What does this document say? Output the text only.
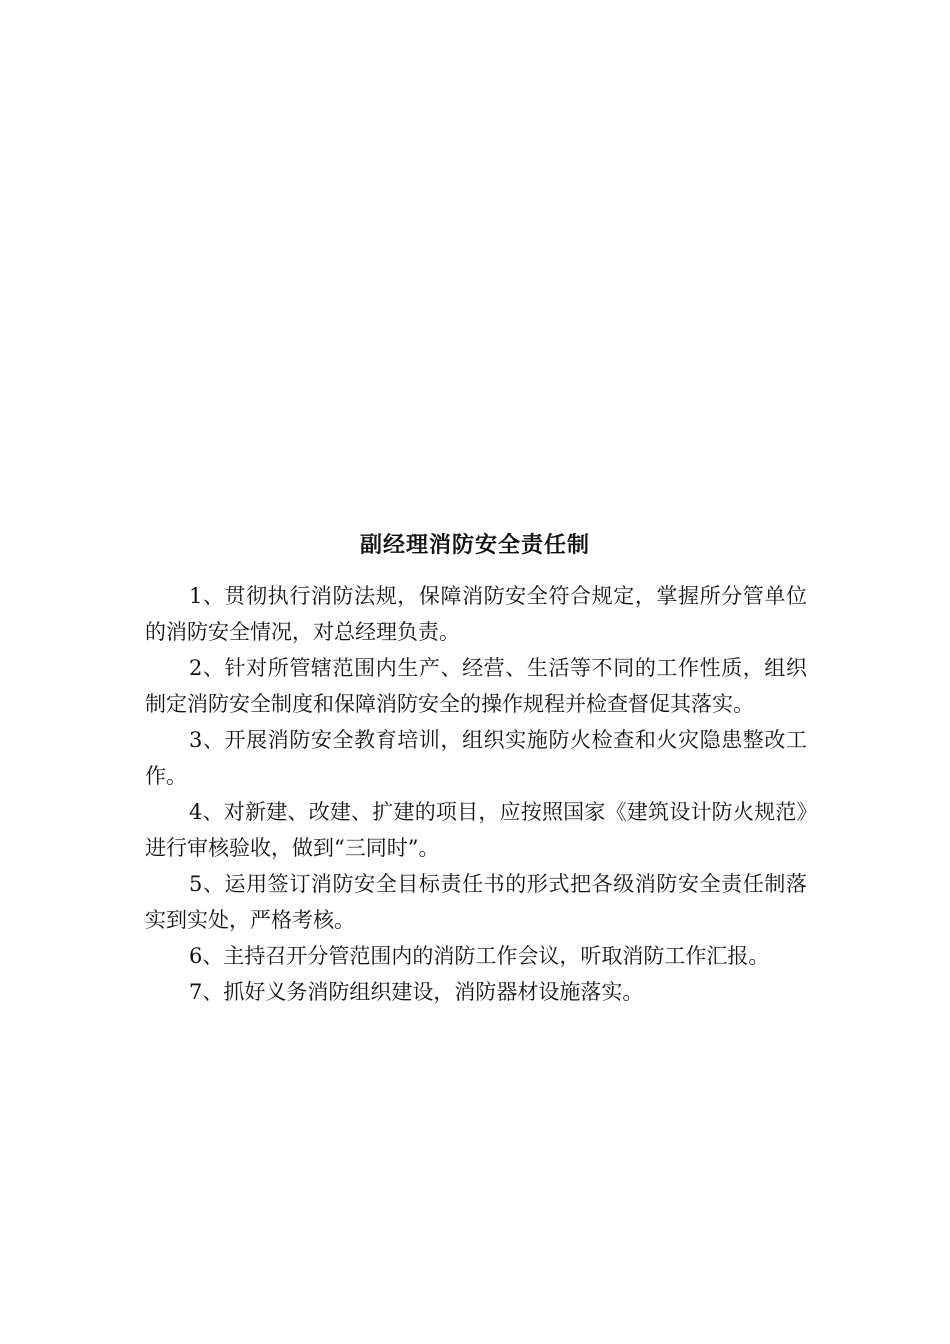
副经理消防安全责任制

1、贯彻执行消防法规，保障消防安全符合规定，掌握所分管单位的消防安全情况，对总经理负责。

2、针对所管辖范围内生产、经营、生活等不同的工作性质，组织制定消防安全制度和保障消防安全的操作规程并检查督促其落实。

3、开展消防安全教育培训，组织实施防火检查和火灾隐患整改工作。

4、对新建、改建、扩建的项目，应按照国家《建筑设计防火规范》进行审核验收，做到“三同时”。

5、运用签订消防安全目标责任书的形式把各级消防安全责任制落实到实处，严格考核。

6、主持召开分管范围内的消防工作会议，听取消防工作汇报。

7、抓好义务消防组织建设，消防器材设施落实。
